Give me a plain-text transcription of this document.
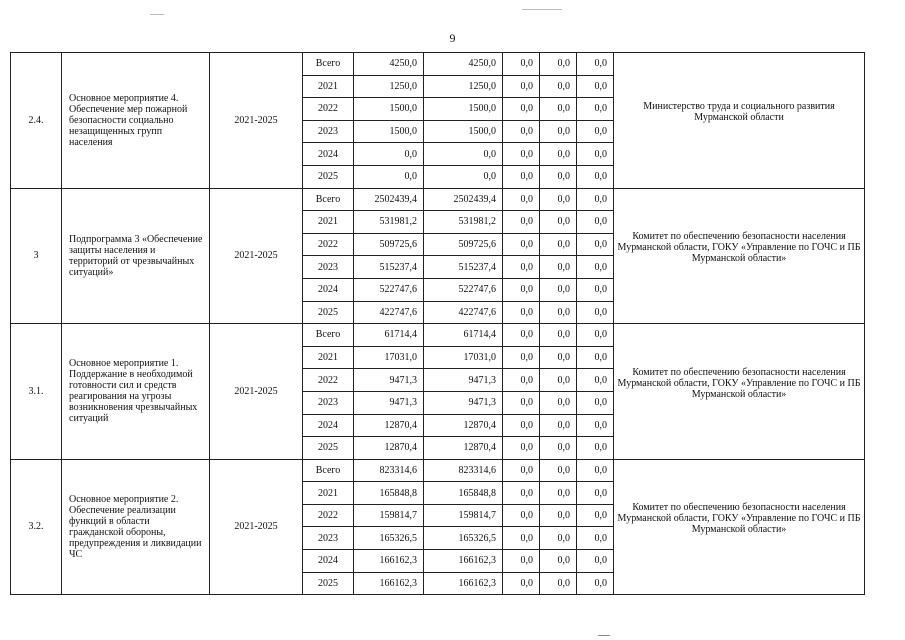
9
2.4.	Основное мероприятие 4. Обеспечение мер пожарной безопасности социально незащищенных групп населения	2021-2025	Всего	4250,0	4250,0	0,0	0,0	0,0	Министерство труда и социального развития Мурманской области

			2021	1250,0	1250,0	0,0	0,0	0,0	
			2022	1500,0	1500,0	0,0	0,0	0,0	
			2023	1500,0	1500,0	0,0	0,0	0,0	
			2024	0,0	0,0	0,0	0,0	0,0	
			2025	0,0	0,0	0,0	0,0	0,0	
3	Подпрограмма 3 «Обеспечение защиты населения и территорий от чрезвычайных ситуаций»	2021-2025	Всего	2502439,4	2502439,4	0,0	0,0	0,0	Комитет по обеспечению безопасности населения Мурманской области, ГОКУ «Управление по ГОЧС и ПБ Мурманской области»

			2021	531981,2	531981,2	0,0	0,0	0,0	
			2022	509725,6	509725,6	0,0	0,0	0,0	
			2023	515237,4	515237,4	0,0	0,0	0,0	
			2024	522747,6	522747,6	0,0	0,0	0,0	
			2025	422747,6	422747,6	0,0	0,0	0,0	
3.1.	Основное мероприятие 1. Поддержание в необходимой готовности сил и средств реагирования на угрозы возникновения чрезвычайных ситуаций	2021-2025	Всего	61714,4	61714,4	0,0	0,0	0,0	Комитет по обеспечению безопасности населения Мурманской области, ГОКУ «Управление по ГОЧС и ПБ Мурманской области»

			2021	17031,0	17031,0	0,0	0,0	0,0	
			2022	9471,3	9471,3	0,0	0,0	0,0	
			2023	9471,3	9471,3	0,0	0,0	0,0	
			2024	12870,4	12870,4	0,0	0,0	0,0	
			2025	12870,4	12870,4	0,0	0,0	0,0	
3.2.	Основное мероприятие 2. Обеспечение реализации функций в области гражданской обороны, предупреждения и ликвидации ЧС	2021-2025	Всего	823314,6	823314,6	0,0	0,0	0,0	Комитет по обеспечению безопасности населения Мурманской области, ГОКУ «Управление по ГОЧС и ПБ Мурманской области»

			2021	165848,8	165848,8	0,0	0,0	0,0	
			2022	159814,7	159814,7	0,0	0,0	0,0	
			2023	165326,5	165326,5	0,0	0,0	0,0	
			2024	166162,3	166162,3	0,0	0,0	0,0	
			2025	166162,3	166162,3	0,0	0,0	0,0	
